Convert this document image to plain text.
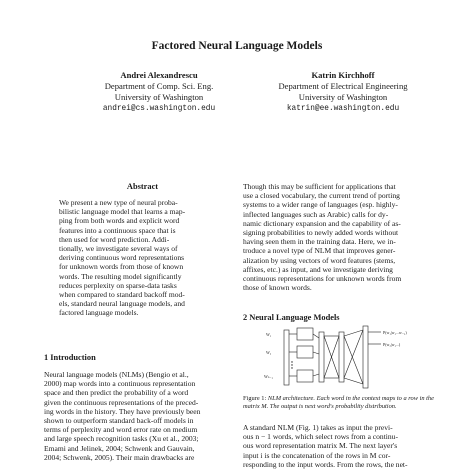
Factored Neural Language Models
Andrei Alexandrescu
Department of Comp. Sci. Eng.
University of Washington
andrei@cs.washington.edu
Katrin Kirchhoff
Department of Electrical Engineering
University of Washington
katrin@ee.washington.edu
Abstract

We present a new type of neural proba-

bilistic language model that learns a map-

ping from both words and explicit word

features into a continuous space that is

then used for word prediction. Addi-

tionally, we investigate several ways of

deriving continuous word representations

for unknown words from those of known

words. The resulting model significantly

reduces perplexity on sparse-data tasks

when compared to standard backoff mod-

els, standard neural language models, and

factored language models.

1 Introduction

Neural language models (NLMs) (Bengio et al.,

2000) map words into a continuous representation

space and then predict the probability of a word

given the continuous representations of the preced-

ing words in the history. They have previously been

shown to outperform standard back-off models in

terms of perplexity and word error rate on medium

and large speech recognition tasks (Xu et al., 2003;

Emami and Jelinek, 2004; Schwenk and Gauvain,

2004; Schwenk, 2005). Their main drawbacks are

Though this may be sufficient for applications that

use a closed vocabulary, the current trend of porting

systems to a wider range of languages (esp. highly-

inflected languages such as Arabic) calls for dy-

namic dictionary expansion and the capability of as-

signing probabilities to newly added words without

having seen them in the training data. Here, we in-

troduce a novel type of NLM that improves gener-

alization by using vectors of word features (stems,

affixes, etc.) as input, and we investigate deriving

continuous representations for unknown words from

those of known words.

2 Neural Language Models
W₁
W₂
Wₙ₋₁
P(w₁|w₁...w₋₁)
P(w₂|w₁...)
Figure 1: NLM architecture. Each word in the context maps to a row in the matrix M. The output is next word's probability distribution.

A standard NLM (Fig. 1) takes as input the previ-

ous n − 1 words, which select rows from a continu-

ous word representation matrix M. The next layer's

input i is the concatenation of the rows in M cor-

responding to the input words. From the rows, the net-
